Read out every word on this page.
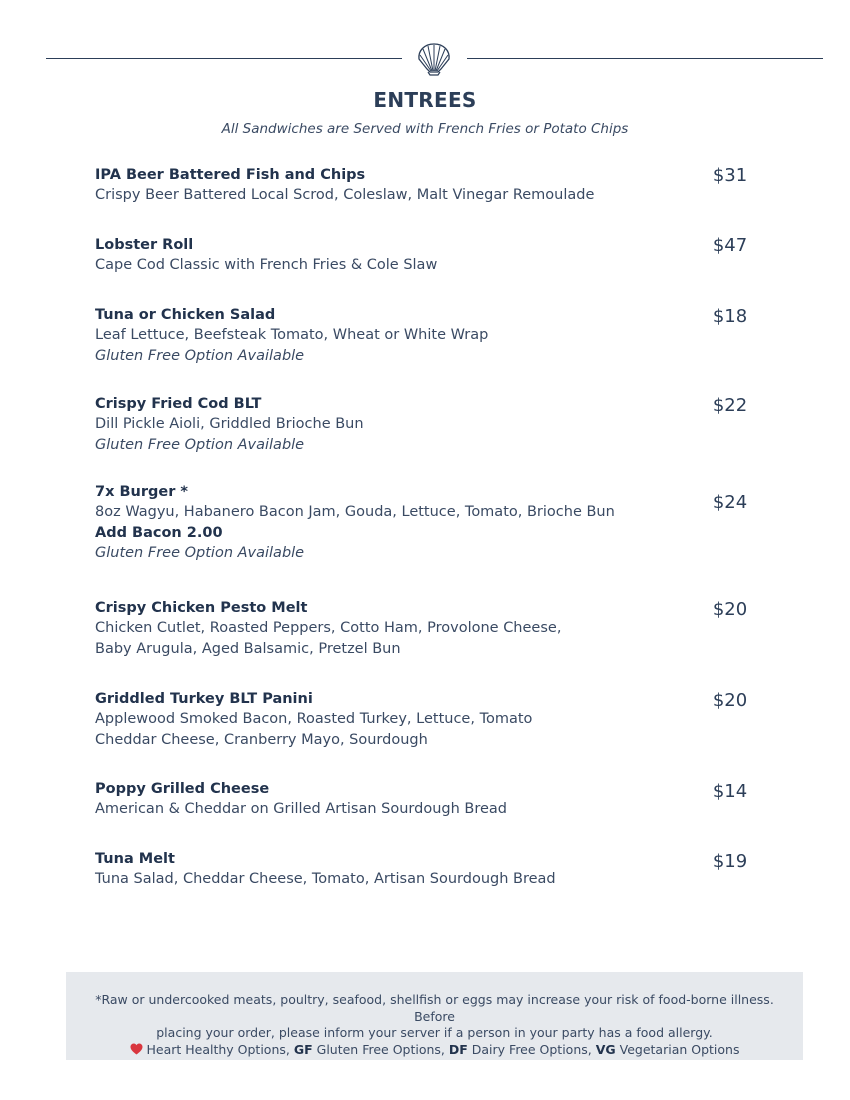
ENTREES
All Sandwiches are Served with French Fries or Potato Chips
IPA Beer Battered Fish and Chips
Crispy Beer Battered Local Scrod, Coleslaw, Malt Vinegar Remoulade
$31
Lobster Roll
Cape Cod Classic with French Fries & Cole Slaw
$47
Tuna or Chicken Salad
Leaf Lettuce, Beefsteak Tomato, Wheat or White Wrap
Gluten Free Option Available
$18
Crispy Fried Cod BLT
Dill Pickle Aioli, Griddled Brioche Bun
Gluten Free Option Available
$22
7x Burger *
8oz Wagyu, Habanero Bacon Jam, Gouda, Lettuce, Tomato, Brioche Bun
Add Bacon 2.00
Gluten Free Option Available
$24
Crispy Chicken Pesto Melt
Chicken Cutlet, Roasted Peppers, Cotto Ham, Provolone Cheese,
Baby Arugula, Aged Balsamic, Pretzel Bun
$20
Griddled Turkey BLT Panini
Applewood Smoked Bacon, Roasted Turkey, Lettuce, Tomato
Cheddar Cheese, Cranberry Mayo, Sourdough
$20
Poppy Grilled Cheese
American & Cheddar on Grilled Artisan Sourdough Bread
$14
Tuna Melt
Tuna Salad, Cheddar Cheese, Tomato, Artisan Sourdough Bread
$19
*Raw or undercooked meats, poultry, seafood, shellfish or eggs may increase your risk of food-borne illness. Before
placing your order, please inform your server if a person in your party has a food allergy.
Heart Healthy Options, GF Gluten Free Options, DF Dairy Free Options, VG Vegetarian Options
